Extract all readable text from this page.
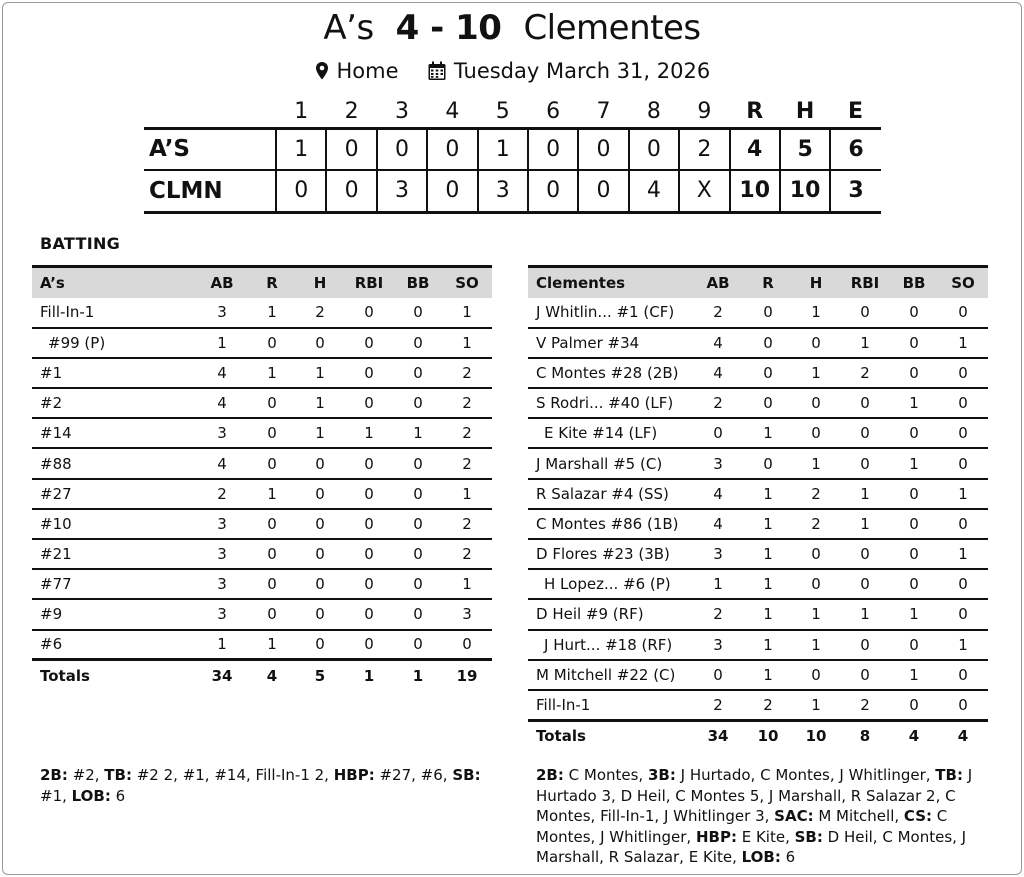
A’s 4 - 10 Clementes
Home	Tuesday March 31, 2026
	1	2	3	4	5	6	7	8	9	R	H	E
A’S	1	0	0	0	1	0	0	0	2	4	5	6
CLMN	0	0	3	0	3	0	0	4	X	10	10	3
BATTING
A’s	AB	R	H	RBI	BB	SO
Fill-In-1	3	1	2	0	0	1
#99 (P)	1	0	0	0	0	1
#1	4	1	1	0	0	2
#2	4	0	1	0	0	2
#14	3	0	1	1	1	2
#88	4	0	0	0	0	2
#27	2	1	0	0	0	1
#10	3	0	0	0	0	2
#21	3	0	0	0	0	2
#77	3	0	0	0	0	1
#9	3	0	0	0	0	3
#6	1	1	0	0	0	0
Totals	34	4	5	1	1	19
Clementes	AB	R	H	RBI	BB	SO
J Whitlin... #1 (CF)	2	0	1	0	0	0
V Palmer #34	4	0	0	1	0	1
C Montes #28 (2B)	4	0	1	2	0	0
S Rodri... #40 (LF)	2	0	0	0	1	0
E Kite #14 (LF)	0	1	0	0	0	0
J Marshall #5 (C)	3	0	1	0	1	0
R Salazar #4 (SS)	4	1	2	1	0	1
C Montes #86 (1B)	4	1	2	1	0	0
D Flores #23 (3B)	3	1	0	0	0	1
H Lopez... #6 (P)	1	1	0	0	0	0
D Heil #9 (RF)	2	1	1	1	1	0
J Hurt... #18 (RF)	3	1	1	0	0	1
M Mitchell #22 (C)	0	1	0	0	1	0
Fill-In-1	2	2	1	2	0	0
Totals	34	10	10	8	4	4
2B: #2, TB: #2 2, #1, #14, Fill-In-1 2, HBP: #27, #6, SB: #1, LOB: 6
2B: C Montes, 3B: J Hurtado, C Montes, J Whitlinger, TB: J Hurtado 3, D Heil, C Montes 5, J Marshall, R Salazar 2, C Montes, Fill-In-1, J Whitlinger 3, SAC: M Mitchell, CS: C Montes, J Whitlinger, HBP: E Kite, SB: D Heil, C Montes, J Marshall, R Salazar, E Kite, LOB: 6
